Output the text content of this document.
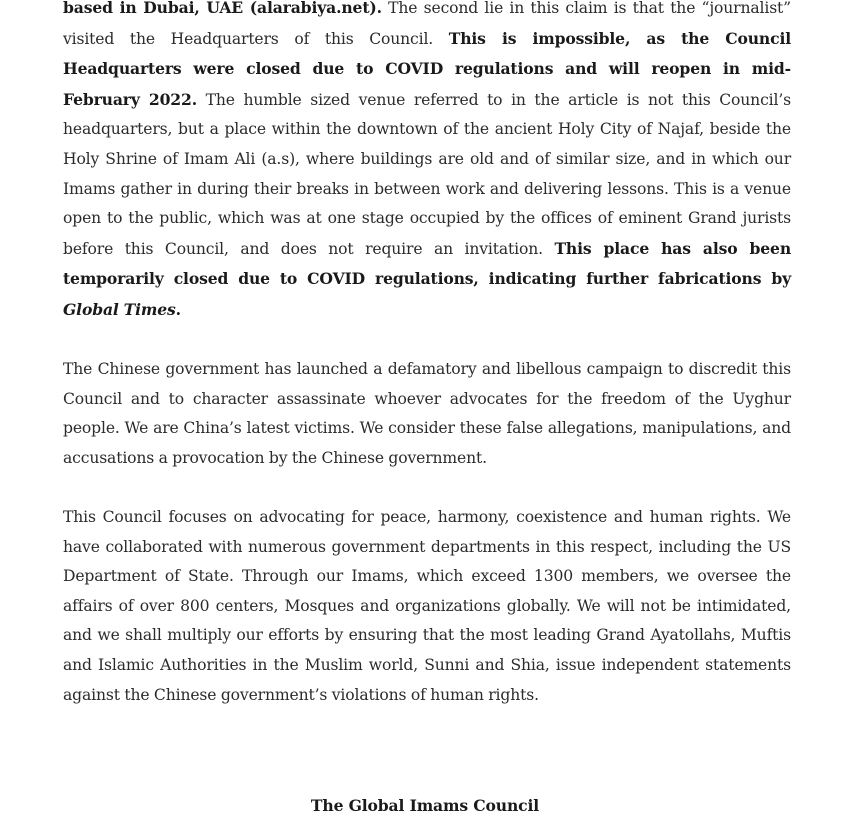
based in Dubai, UAE (alarabiya.net). The second lie in this claim is that the “journalist” visited the Headquarters of this Council. This is impossible, as the Council Headquarters were closed due to COVID regulations and will reopen in mid-February 2022. The humble sized venue referred to in the article is not this Council’s headquarters, but a place within the downtown of the ancient Holy City of Najaf, beside the Holy Shrine of Imam Ali (a.s), where buildings are old and of similar size, and in which our Imams gather in during their breaks in between work and delivering lessons. This is a venue open to the public, which was at one stage occupied by the offices of eminent Grand jurists before this Council, and does not require an invitation. This place has also been temporarily closed due to COVID regulations, indicating further fabrications by Global Times.

The Chinese government has launched a defamatory and libellous campaign to discredit this Council and to character assassinate whoever advocates for the freedom of the Uyghur people. We are China’s latest victims. We consider these false allegations, manipulations, and accusations a provocation by the Chinese government.

This Council focuses on advocating for peace, harmony, coexistence and human rights. We have collaborated with numerous government departments in this respect, including the US Department of State. Through our Imams, which exceed 1300 members, we oversee the affairs of over 800 centers, Mosques and organizations globally. We will not be intimidated, and we shall multiply our efforts by ensuring that the most leading Grand Ayatollahs, Muftis and Islamic Authorities in the Muslim world, Sunni and Shia, issue independent statements against the Chinese government’s violations of human rights.

The Global Imams Council
